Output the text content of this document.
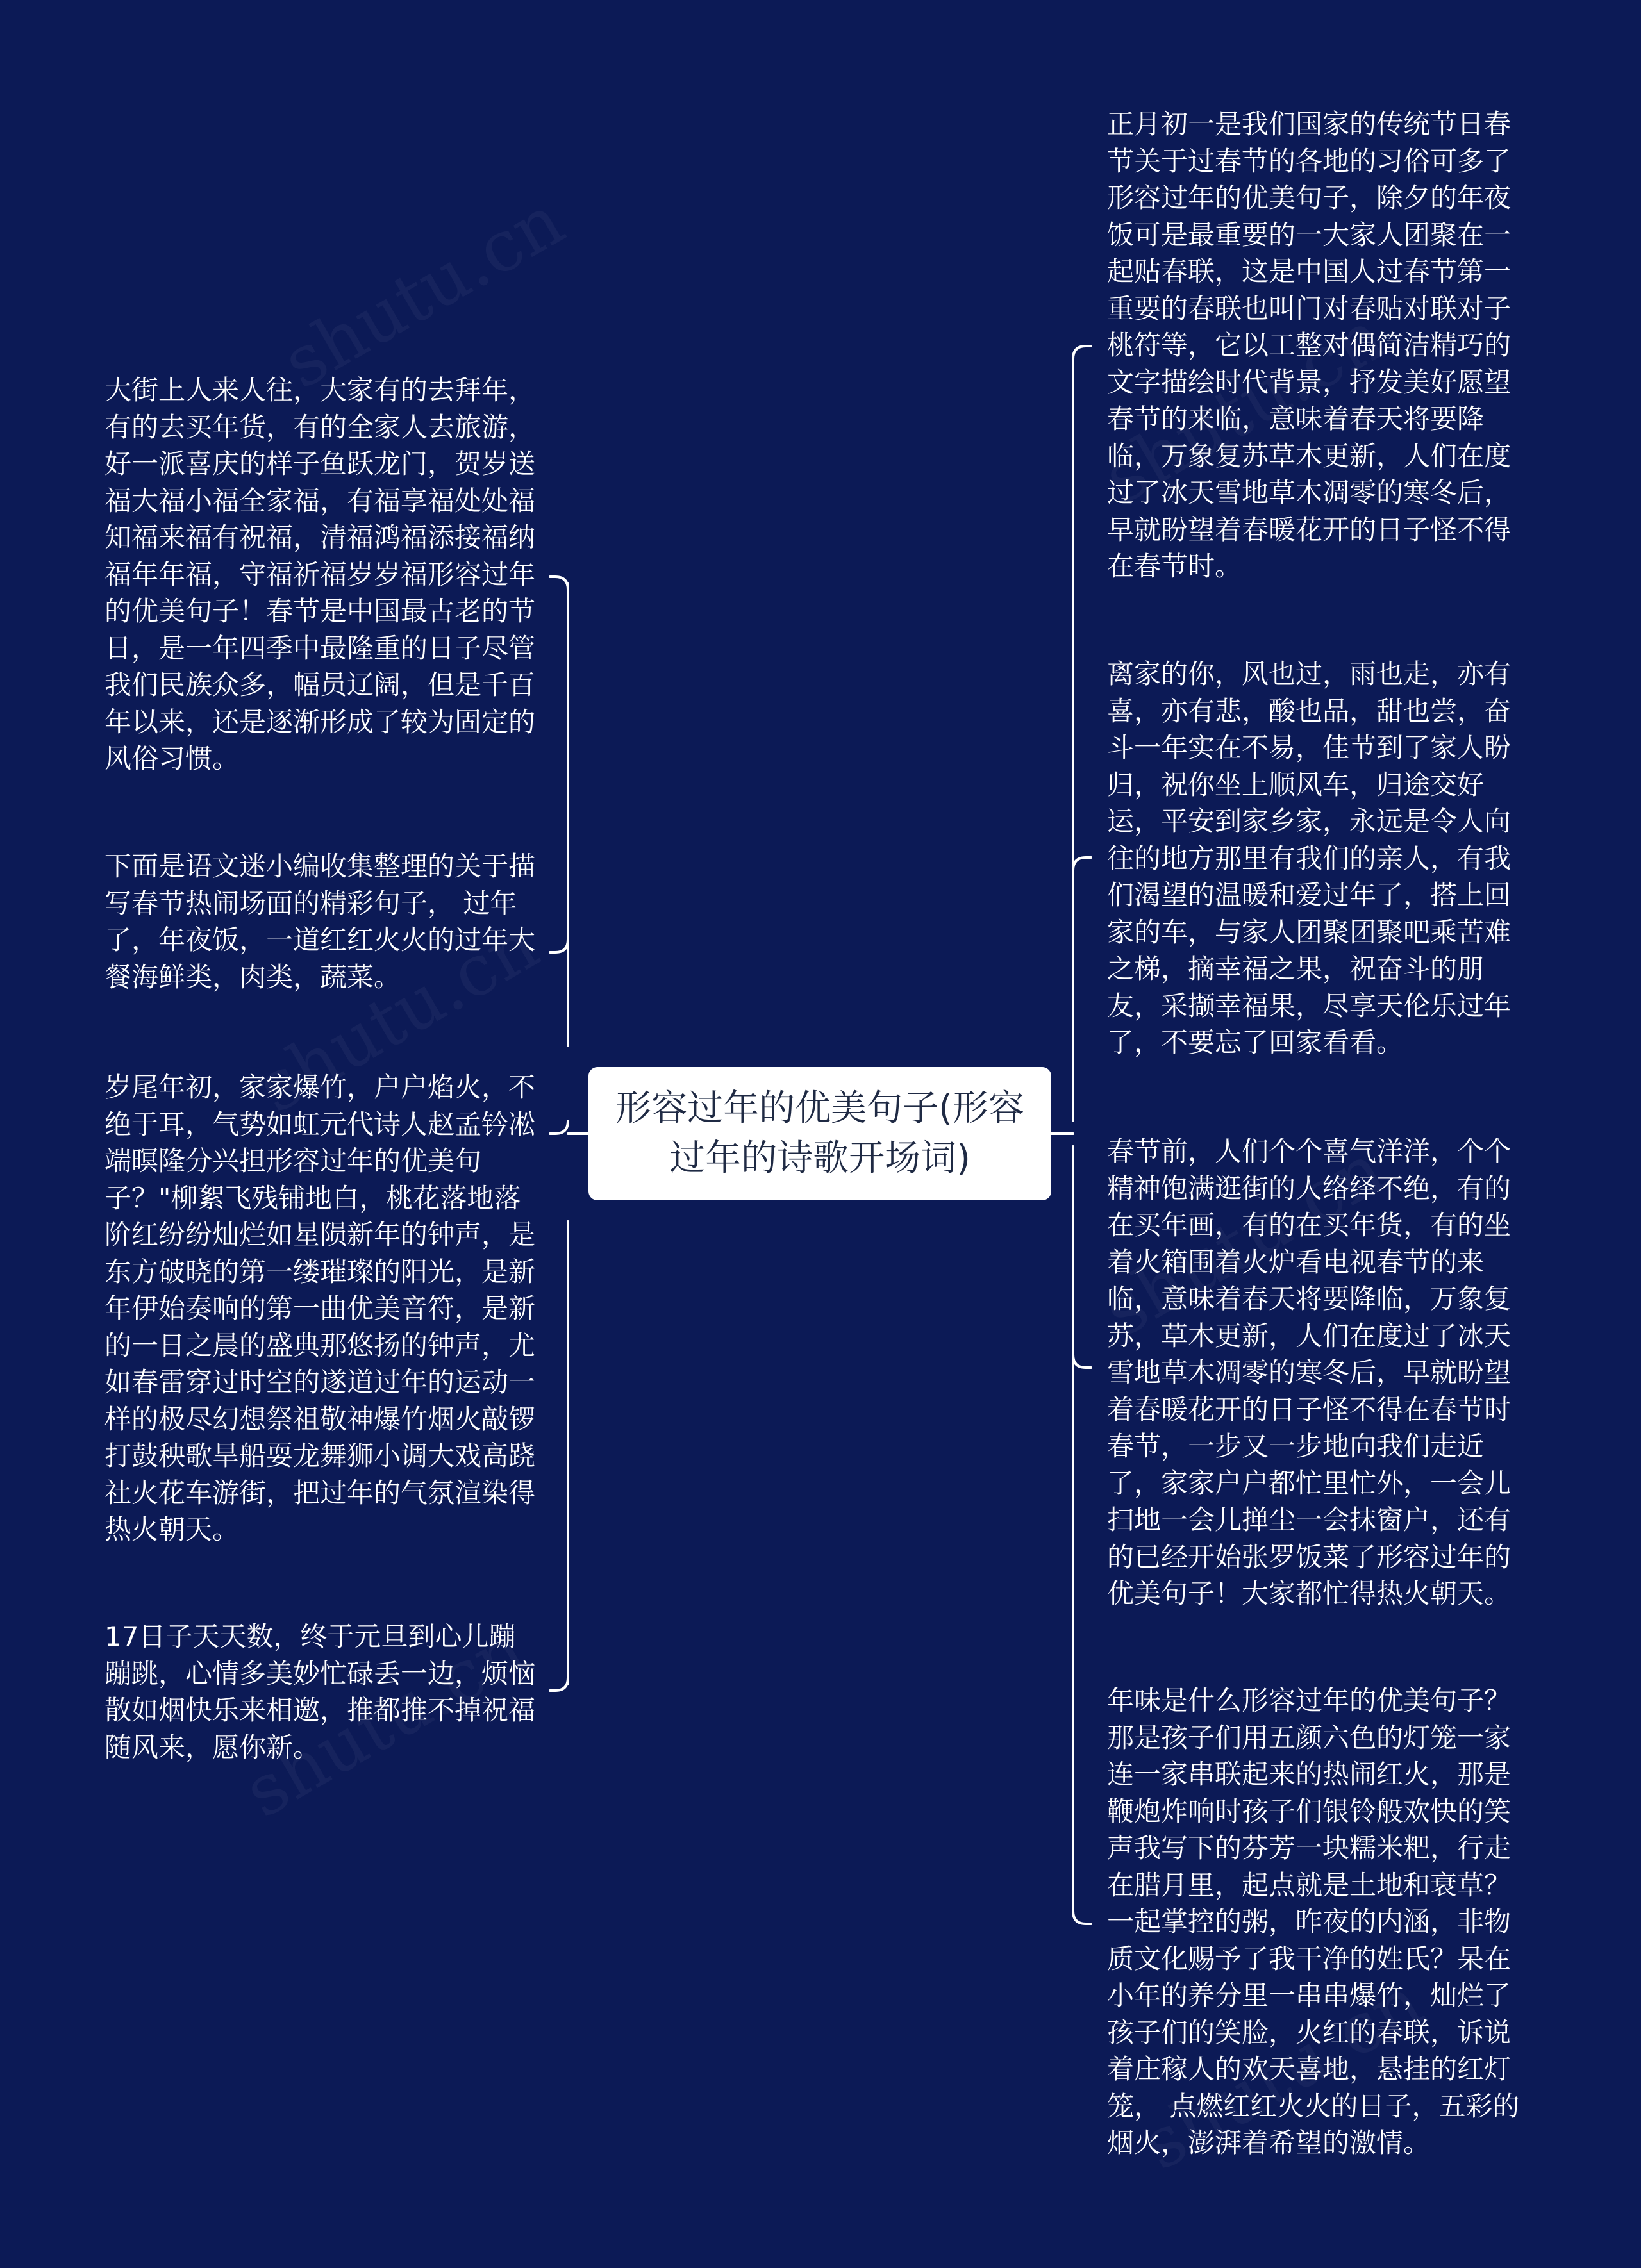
形容过年的优美句子(形容过年的诗歌开场词)
大街上人来人往，大家有的去拜年，有的去买年货，有的全家人去旅游，好一派喜庆的样子鱼跃龙门，贺岁送福大福小福全家福，有福享福处处福知福来福有祝福，清福鸿福添接福纳福年年福，守福祈福岁岁福形容过年的优美句子！春节是中国最古老的节日，是一年四季中最隆重的日子尽管我们民族众多，幅员辽阔，但是千百年以来，还是逐渐形成了较为固定的风俗习惯。
下面是语文迷小编收集整理的关于描写春节热闹场面的精彩句子， 过年了，年夜饭，一道红红火火的过年大餐海鲜类，肉类，蔬菜。
岁尾年初，家家爆竹，户户焰火，不绝于耳，气势如虹元代诗人赵孟钤凇端暝隆分兴担形容过年的优美句子？"柳絮飞残铺地白，桃花落地落阶红纷纷灿烂如星陨新年的钟声，是东方破晓的第一缕璀璨的阳光，是新年伊始奏响的第一曲优美音符，是新的一日之晨的盛典那悠扬的钟声，尤如春雷穿过时空的遂道过年的运动一样的极尽幻想祭祖敬神爆竹烟火敲锣打鼓秧歌旱船耍龙舞狮小调大戏高跷社火花车游街，把过年的气氛渲染得热火朝天。
17日子天天数，终于元旦到心儿蹦蹦跳，心情多美妙忙碌丢一边，烦恼散如烟快乐来相邀，推都推不掉祝福随风来，愿你新。
正月初一是我们国家的传统节日春节关于过春节的各地的习俗可多了形容过年的优美句子，除夕的年夜饭可是最重要的一大家人团聚在一起贴春联，这是中国人过春节第一重要的春联也叫门对春贴对联对子桃符等，它以工整对偶简洁精巧的文字描绘时代背景，抒发美好愿望春节的来临，意味着春天将要降临，万象复苏草木更新，人们在度过了冰天雪地草木凋零的寒冬后，早就盼望着春暖花开的日子怪不得在春节时。
离家的你，风也过，雨也走，亦有喜，亦有悲，酸也品，甜也尝，奋斗一年实在不易，佳节到了家人盼归，祝你坐上顺风车，归途交好运，平安到家乡家，永远是令人向往的地方那里有我们的亲人，有我们渴望的温暖和爱过年了，搭上回家的车，与家人团聚团聚吧乘苦难之梯，摘幸福之果，祝奋斗的朋友，采撷幸福果，尽享天伦乐过年了，不要忘了回家看看。
春节前，人们个个喜气洋洋，个个精神饱满逛街的人络绎不绝，有的在买年画，有的在买年货，有的坐着火箱围着火炉看电视春节的来临，意味着春天将要降临，万象复苏，草木更新，人们在度过了冰天雪地草木凋零的寒冬后，早就盼望着春暖花开的日子怪不得在春节时春节，一步又一步地向我们走近了，家家户户都忙里忙外，一会儿扫地一会儿掸尘一会抹窗户，还有的已经开始张罗饭菜了形容过年的优美句子！大家都忙得热火朝天。
年味是什么形容过年的优美句子？那是孩子们用五颜六色的灯笼一家连一家串联起来的热闹红火，那是鞭炮炸响时孩子们银铃般欢快的笑声我写下的芬芳一块糯米粑，行走在腊月里，起点就是土地和衰草？一起掌控的粥，昨夜的内涵，非物质文化赐予了我干净的姓氏？呆在小年的养分里一串串爆竹，灿烂了孩子们的笑脸，火红的春联，诉说着庄稼人的欢天喜地，悬挂的红灯笼， 点燃红红火火的日子，五彩的烟火，澎湃着希望的激情。
